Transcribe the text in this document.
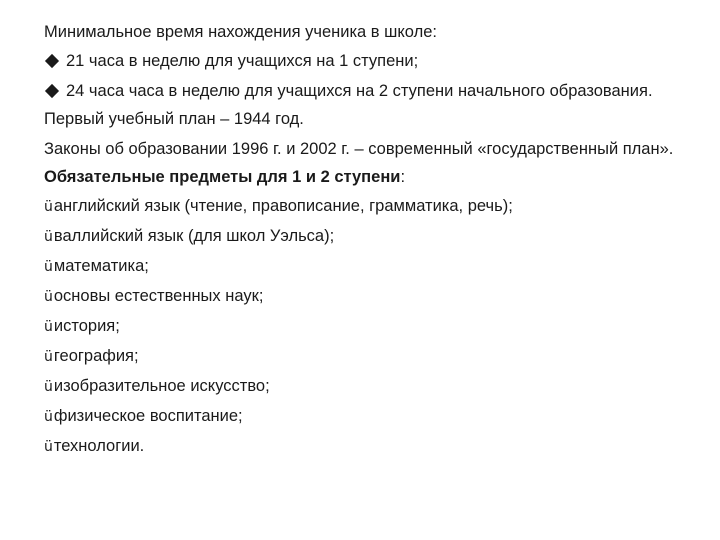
Минимальное время нахождения ученика в школе:
21 часа в неделю для учащихся на 1 ступени;
24 часа часа в неделю для учащихся на 2 ступени начального образования.
Первый учебный план – 1944 год.
Законы об образовании 1996 г. и 2002 г. – современный «государственный план».
Обязательные предметы для 1 и 2 ступени:
üанглийский язык (чтение, правописание, грамматика, речь);
üваллийский язык (для школ Уэльса);
üматематика;
üосновы естественных наук;
üистория;
üгеография;
üизобразительное искусство;
üфизическое воспитание;
üтехнологии.
